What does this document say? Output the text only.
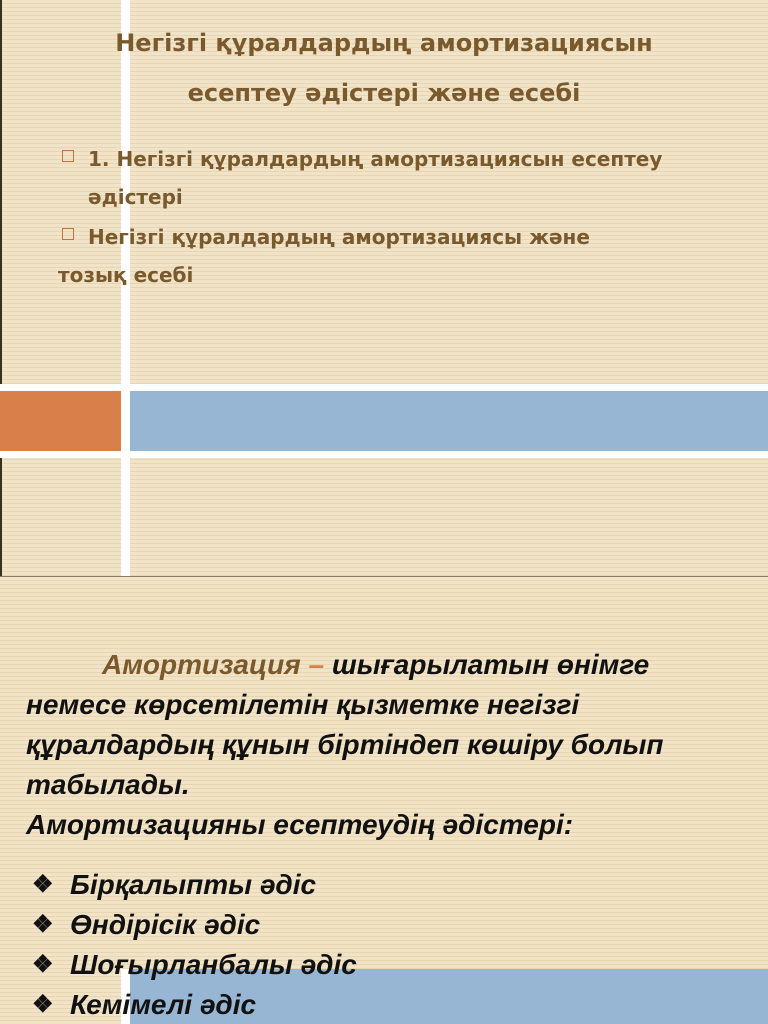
Негізгі құралдардың амортизациясын
есептеу әдістері және есебі
1. Негізгі құралдардың амортизациясын есептеу
әдістері
Негізгі құралдардың амортизациясы және
тозық есебі
Амортизация – шығарылатын өнімге немесе көрсетілетін қызметке негізгі құралдардың құнын біртіндеп көшіру болып табылады.
Амортизацияны есептеудің әдістері:
❖ Бірқалыпты әдіс
❖ Өндірісік әдіс
❖ Шоғырланбалы әдіс
❖ Кемімелі әдіс
